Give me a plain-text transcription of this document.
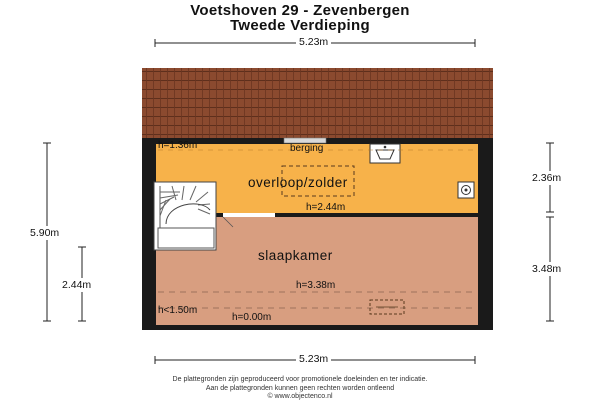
Voetshoven 29 - Zevenbergen
Tweede Verdieping
5.23m
5.23m
5.90m
2.44m
2.36m
3.48m
h=1.36m	berging
overloop/zolder
h=2.44m
slaapkamer
h=3.38m
h<1.50m
h=0.00m
De plattegronden zijn geproduceerd voor promotionele doeleinden en ter indicatie.
Aan de plattegronden kunnen geen rechten worden ontleend
© www.objectenco.nl
